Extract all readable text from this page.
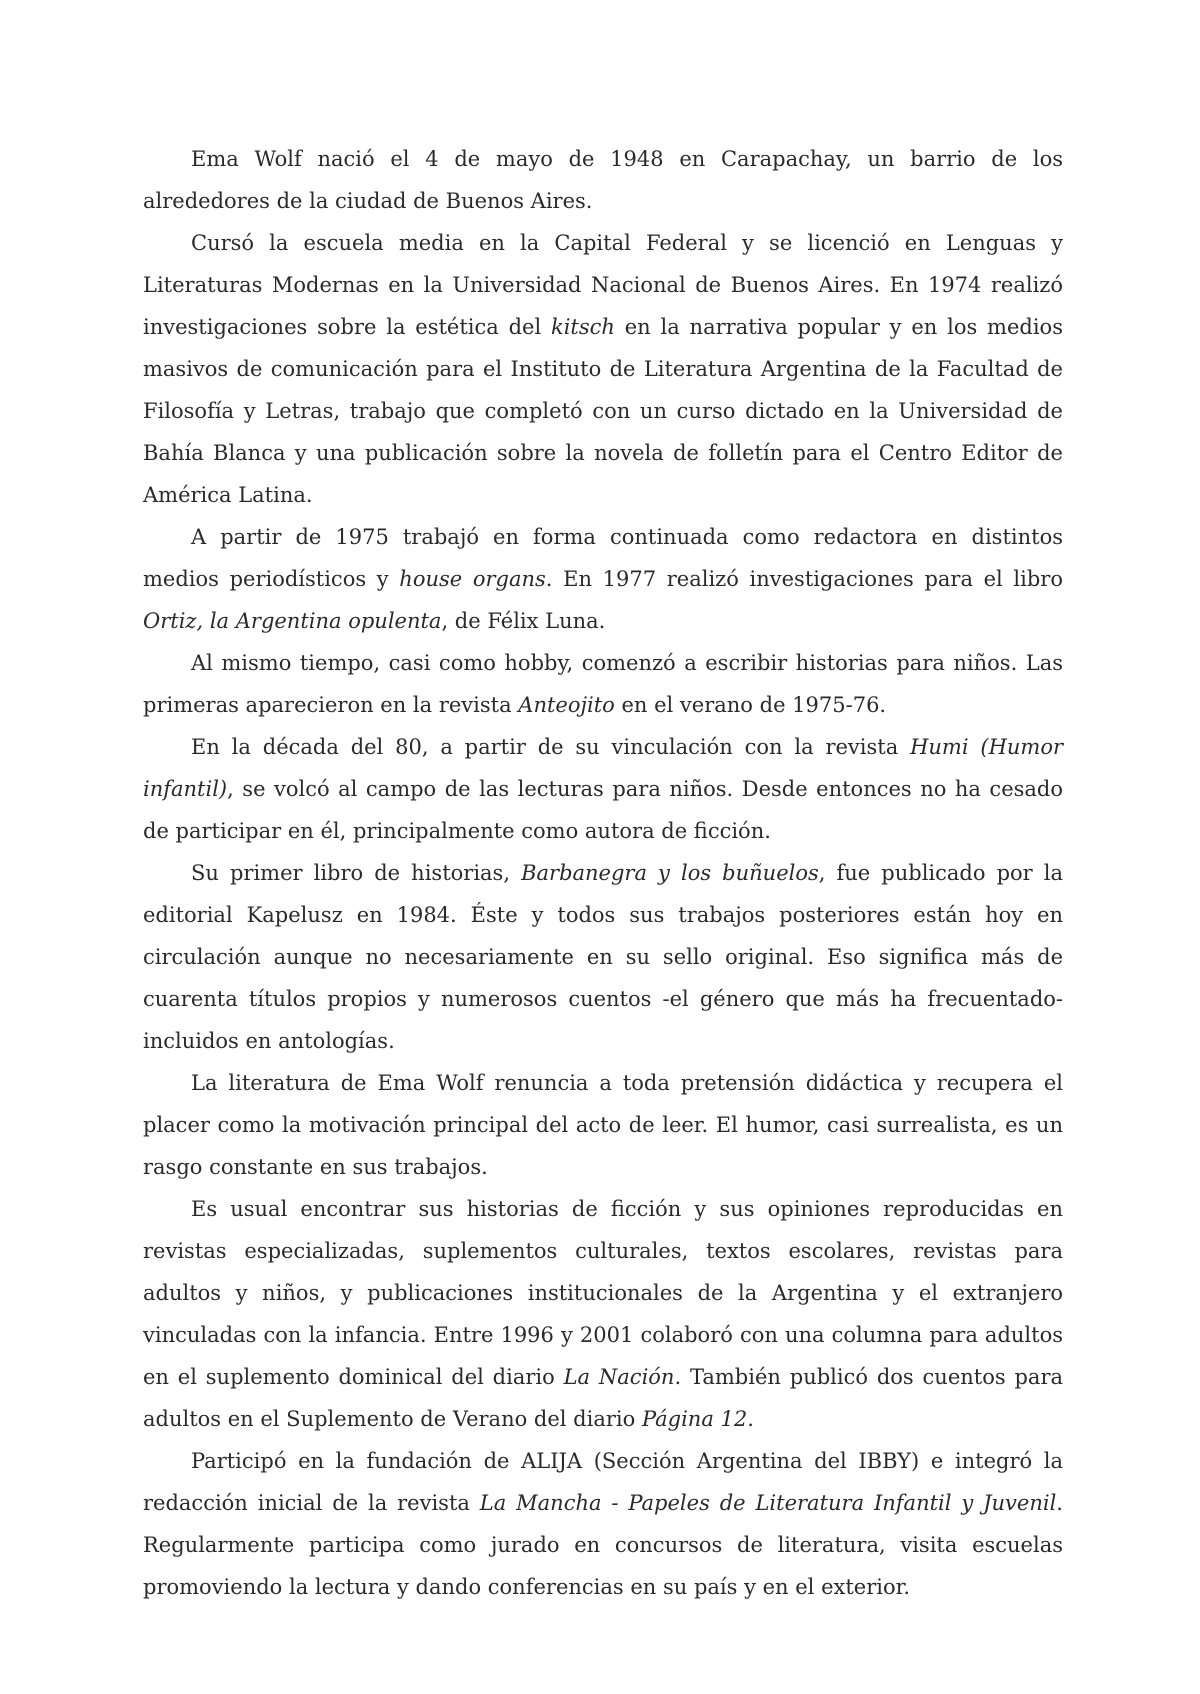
Ema Wolf nació el 4 de mayo de 1948 en Carapachay, un barrio de los alrededores de la ciudad de Buenos Aires.

Cursó la escuela media en la Capital Federal y se licenció en Lenguas y Literaturas Modernas en la Universidad Nacional de Buenos Aires. En 1974 realizó investigaciones sobre la estética del kitsch en la narrativa popular y en los medios masivos de comunicación para el Instituto de Literatura Argentina de la Facultad de Filosofía y Letras, trabajo que completó con un curso dictado en la Universidad de Bahía Blanca y una publicación sobre la novela de folletín para el Centro Editor de América Latina.

A partir de 1975 trabajó en forma continuada como redactora en distintos medios periodísticos y house organs. En 1977 realizó investigaciones para el libro Ortiz, la Argentina opulenta, de Félix Luna.

Al mismo tiempo, casi como hobby, comenzó a escribir historias para niños. Las primeras aparecieron en la revista Anteojito en el verano de 1975-76.

En la década del 80, a partir de su vinculación con la revista Humi (Humor infantil), se volcó al campo de las lecturas para niños. Desde entonces no ha cesado de participar en él, principalmente como autora de ficción.

Su primer libro de historias, Barbanegra y los buñuelos, fue publicado por la editorial Kapelusz en 1984. Éste y todos sus trabajos posteriores están hoy en circulación aunque no necesariamente en su sello original. Eso significa más de cuarenta títulos propios y numerosos cuentos -el género que más ha frecuentado- incluidos en antologías.

La literatura de Ema Wolf renuncia a toda pretensión didáctica y recupera el placer como la motivación principal del acto de leer. El humor, casi surrealista, es un rasgo constante en sus trabajos.

Es usual encontrar sus historias de ficción y sus opiniones reproducidas en revistas especializadas, suplementos culturales, textos escolares, revistas para adultos y niños, y publicaciones institucionales de la Argentina y el extranjero vinculadas con la infancia. Entre 1996 y 2001 colaboró con una columna para adultos en el suplemento dominical del diario La Nación. También publicó dos cuentos para adultos en el Suplemento de Verano del diario Página 12.

Participó en la fundación de ALIJA (Sección Argentina del IBBY) e integró la redacción inicial de la revista La Mancha - Papeles de Literatura Infantil y Juvenil. Regularmente participa como jurado en concursos de literatura, visita escuelas promoviendo la lectura y dando conferencias en su país y en el exterior.
